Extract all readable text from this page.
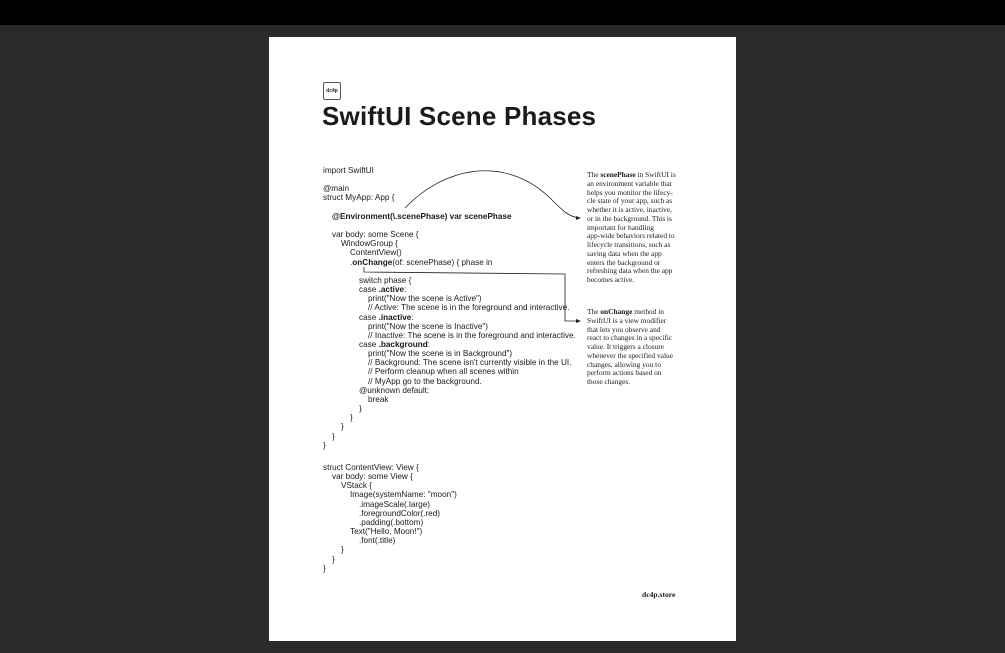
dc4p
SwiftUI Scene Phases
import SwiftUI
@main
struct MyApp: App {
@Environment(\.scenePhase) var scenePhase
var body: some Scene {
WindowGroup {
ContentView()
.onChange(of: scenePhase) { phase in
switch phase {
case .active:
print("Now the scene is Active")
// Active: The scene is in the foreground and interactive.
case .inactive:
print("Now the scene is Inactive")
// Inactive: The scene is in the foreground and interactive.
case .background:
print("Now the scene is in Background")
// Background: The scene isn't currently visible in the UI.
// Perform cleanup when all scenes within
// MyApp go to the background.
@unknown default:
break
}
}
}
}
}
struct ContentView: View {
var body: some View {
VStack {
Image(systemName: "moon")
.imageScale(.large)
.foregroundColor(.red)
.padding(.bottom)
Text("Hello, Moon!")
.font(.title)
}
}
}
The scenePhase in SwiftUI is
an environment variable that
helps you monitor the lifecy-
cle state of your app, such as
whether it is active, inactive,
or in the background. This is
important for handling
app-wide behaviors related to
lifecycle transitions, such as
saving data when the app
enters the background or
refreshing data when the app
becomes active.
The onChange method in
SwiftUI is a view modifier
that lets you observe and
react to changes in a specific
value. It triggers a closure
whenever the specified value
changes, allowing you to
perform actions based on
those changes.
dc4p.store
